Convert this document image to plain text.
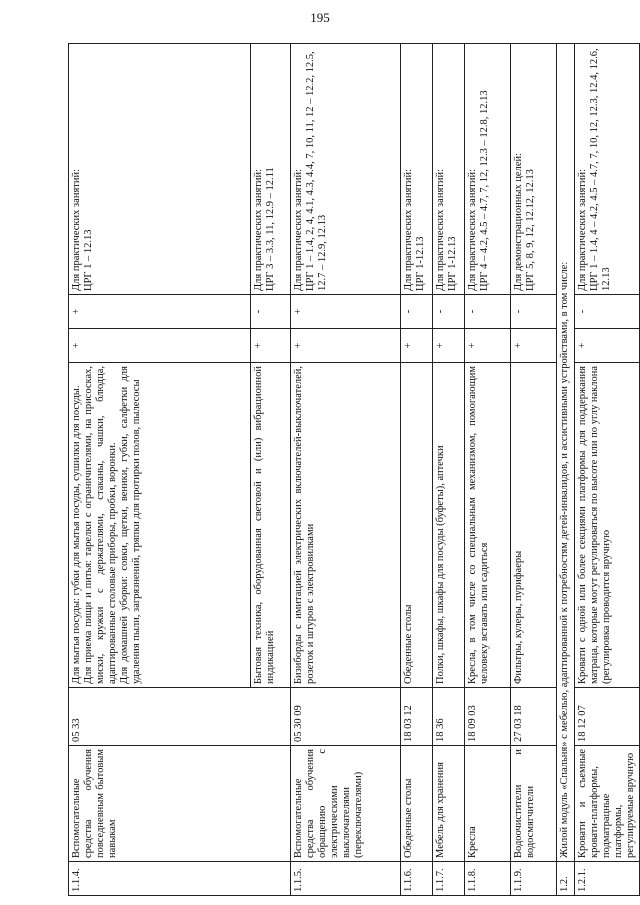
195
1.1.4.	Вспомогательные средства обучения повседневным бытовым навыкам	05 33	Для мытья посуды: губки для мытья посуды, сушилки для посуды. Для приема пищи и питья: тарелки с ограничителями, на присосках, миски, кружки с держателями, стаканы, чашки, блюдца, адаптированные столовые приборы, пробки, воронки. Для домашней уборки: совки, щетки, веники, губки, салфетки для удаления пыли, загрязнений, тряпки для протирки полов, пылесосы	+	+	Для практических занятий: ЦРГ 1 – 12.13

			Бытовая техника, оборудованная световой и (или) вибрационной индикацией	+	-	Для практических занятий: ЦРГ 3 – 3.3, 11, 12.9 – 12.11

1.1.5.	Вспомогательные средства обучения обращению с электрическими выключателями (переключателями)	05 30 09	Бизиборды с имитацией электрических включателей-выключателей, розеток и штуров с электровилками	+	+	Для практических занятий: ЦРГ 1 – 1.4, 2, 4, 4.1, 4.3, 4.4, 7, 10, 11, 12 – 12.2, 12.5, 12.7 – 12.9, 12.13

1.1.6.	Обеденные столы	18 03 12	Обеденные столы	+	-	Для практических занятий: ЦРГ 1-12.13

1.1.7.	Мебель для хранения	18 36	Полки, шкафы, шкафы для посуды (буфеты), аптечки	+	-	Для практических занятий: ЦРГ 1-12.13

1.1.8.	Кресла	18 09 03	Кресла, в том числе со специальным механизмом, помогающим человеку вставать или садиться	+	-	Для практических занятий: ЦРГ 4 – 4.2, 4.5 – 4.7, 7, 12, 12.3 – 12.8, 12.13

1.1.9.	Водоочистители и водосмягчители	27 03 18	Фильтры, кулеры, пурифаеры	+	-	Для демонстрационных целей: ЦРГ 5, 8, 9, 12, 12.12, 12.13

1.2.	Жилой модуль «Спальня» с мебелью, адаптированной к потребностям детей-инвалидов, и ассистивными устройствами, в том числе:					
1.2.1.	Кровати и съемные кровати-платформы, подматрацные платформы, регулируемые вручную	18 12 07	Кровати с одной или более секциями платформы для поддержания матраца, которые могут регулироваться по высоте или по углу наклона (регулировка проводится вручную	+	-	Для практических занятий: ЦРГ 1 – 1.4, 4 – 4.2, 4.5 – 4.7, 7, 10, 12, 12.3, 12.4, 12.6, 12.13
